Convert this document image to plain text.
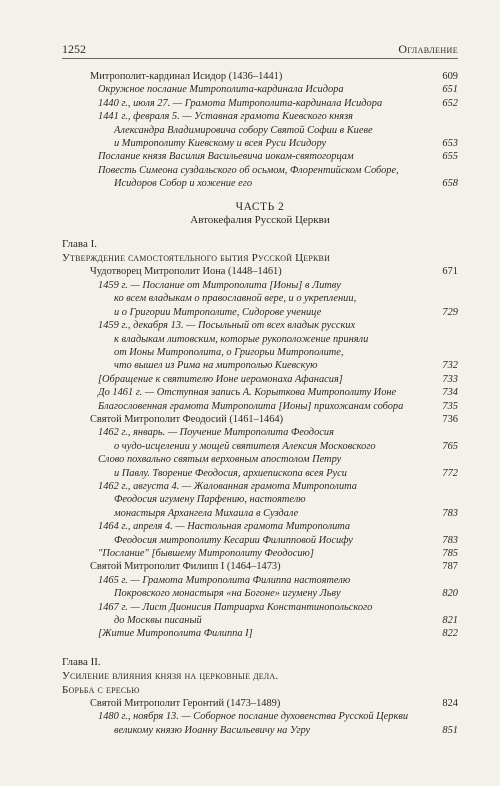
1252	Оглавление
Митрополит-кардинал Исидор (1436–1441)	609
Окружное послание Митрополита-кардинала Исидора	651
1440 г., июля 27. — Грамота Митрополита-кардинала Исидора	652
1441 г., февраля 5. — Уставная грамота Киевского князя
Александра Владимировича собору Святой Софии в Киеве
и Митрополиту Киевскому и всея Руси Исидору	653
Послание князя Василия Васильевича иокам-святогорцам	655
Повесть Симеона суздальского об осьмом, Флорентийском Соборе,
Исидоров Собор и хожение его	658
ЧАСТЬ 2
Автокефалия Русской Церкви
Глава I.
Утверждение самостоятельного бытия Русской Церкви
Чудотворец Митрополит Иона (1448–1461)	671
1459 г. — Послание от Митрополита [Ионы] в Литву
ко всем владыкам о православной вере, и о укреплении,
и о Григории Митрополите, Сидорове ученице	729
1459 г., декабря 13. — Посыльный от всех владык русских
к владыкам литовским, которые рукоположение приняли
от Ионы Митрополита, о Григорьи Митрополите,
что вышел из Рима на митрополью Киевскую	732
[Обращение к святителю Ионе иеромонаха Афанасия]	733
До 1461 г. — Отступная запись А. Корыткова Митрополиту Ионе	734
Благословенная грамота Митрополита [Ионы] прихожанам собора	735
Святой Митрополит Феодосий (1461–1464)	736
1462 г., январь. — Поучение Митрополита Феодосия
о чудо-исцелении у мощей святителя Алексия Московского	765
Слово похвально святым верховным апостолом Петру
и Павлу. Творение Феодосия, архиепископа всея Руси	772
1462 г., августа 4. — Жалованная грамота Митрополита
Феодосия игумену Парфению, настоятелю
монастыря Архангела Михаила в Суздале	783
1464 г., апреля 4. — Настольная грамота Митрополита
Феодосия митрополиту Кесарии Филипповой Иосифу	783
"Послание" [бывшему Митрополиту Феодосию]	785
Святой Митрополит Филипп I (1464–1473)	787
1465 г. — Грамота Митрополита Филиппа настоятелю
Покровского монастыря «на Богоне» игумену Льву	820
1467 г. — Лист Дионисия Патриарха Константинопольского
до Москвы писаный	821
[Житие Митрополита Филиппа I]	822
Глава II.
Усиление влияния князя на церковные дела.
Борьба с ересью
Святой Митрополит Геронтий (1473–1489)	824
1480 г., ноября 13. — Соборное послание духовенства Русской Церкви
великому князю Иоанну Васильевичу на Угру	851
